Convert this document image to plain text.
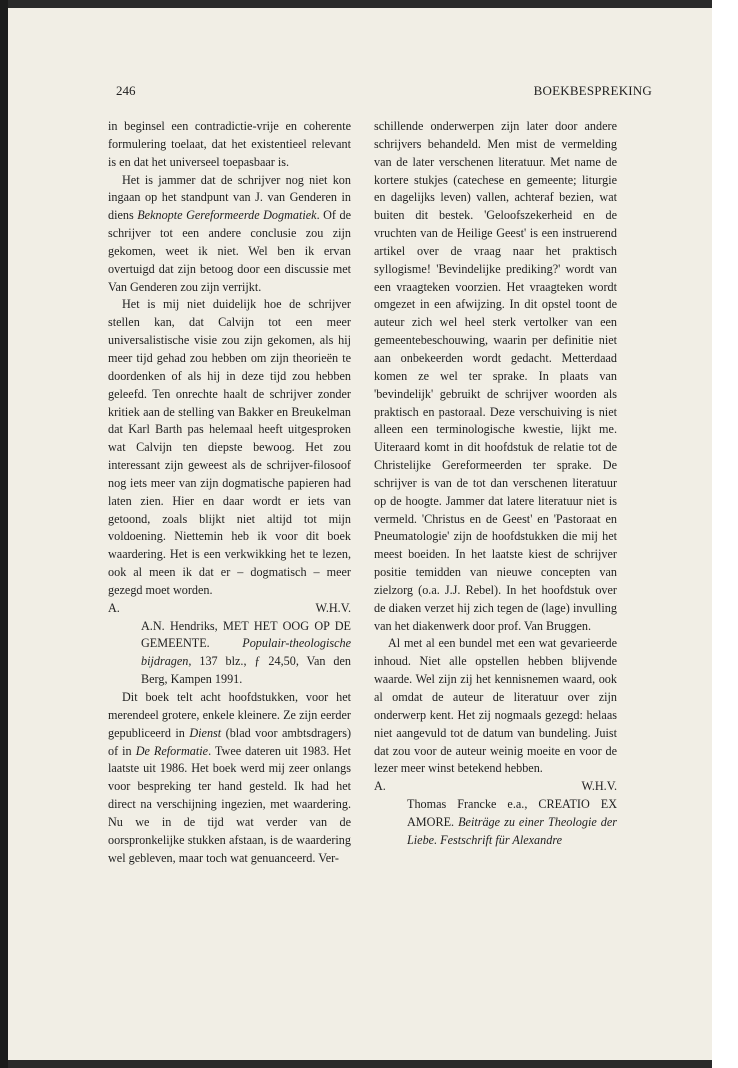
246	BOEKBESPREKING

in beginsel een contradictie-vrije en coherente formulering toelaat, dat het existentieel relevant is en dat het universeel toepasbaar is.

Het is jammer dat de schrijver nog niet kon ingaan op het standpunt van J. van Genderen in diens Beknopte Gereformeerde Dogmatiek. Of de schrijver tot een andere conclusie zou zijn gekomen, weet ik niet. Wel ben ik ervan overtuigd dat zijn betoog door een discussie met Van Genderen zou zijn verrijkt.

Het is mij niet duidelijk hoe de schrijver stellen kan, dat Calvijn tot een meer universalistische visie zou zijn gekomen, als hij meer tijd gehad zou hebben om zijn theorieën te doordenken of als hij in deze tijd zou hebben geleefd. Ten onrechte haalt de schrijver zonder kritiek aan de stelling van Bakker en Breukelman dat Karl Barth pas helemaal heeft uitgesproken wat Calvijn ten diepste bewoog. Het zou interessant zijn geweest als de schrijver-filosoof nog iets meer van zijn dogmatische papieren had laten zien. Hier en daar wordt er iets van getoond, zoals blijkt niet altijd tot mijn voldoening. Niettemin heb ik voor dit boek waardering. Het is een verkwikking het te lezen, ook al meen ik dat er – dogmatisch – meer gezegd moet worden.

A.	W.H.V.

A.N. Hendriks, MET HET OOG OP DE GEMEENTE. Populair-theologische bijdragen, 137 blz., ƒ 24,50, Van den Berg, Kampen 1991.

Dit boek telt acht hoofdstukken, voor het merendeel grotere, enkele kleinere. Ze zijn eerder gepubliceerd in Dienst (blad voor ambtsdragers) of in De Reformatie. Twee dateren uit 1983. Het laatste uit 1986. Het boek werd mij zeer onlangs voor bespreking ter hand gesteld. Ik had het direct na verschijning ingezien, met waardering. Nu we in de tijd wat verder van de oorspronkelijke stukken afstaan, is de waardering wel gebleven, maar toch wat genuanceerd. Ver-

schillende onderwerpen zijn later door andere schrijvers behandeld. Men mist de vermelding van de later verschenen literatuur. Met name de kortere stukjes (catechese en gemeente; liturgie en dagelijks leven) vallen, achteraf bezien, wat buiten dit bestek. 'Geloofszekerheid en de vruchten van de Heilige Geest' is een instruerend artikel over de vraag naar het praktisch syllogisme! 'Bevindelijke prediking?' wordt van een vraagteken voorzien. Het vraagteken wordt omgezet in een afwijzing. In dit opstel toont de auteur zich wel heel sterk vertolker van een gemeentebeschouwing, waarin per definitie niet aan onbekeerden wordt gedacht. Metterdaad komen ze wel ter sprake. In plaats van 'bevindelijk' gebruikt de schrijver woorden als praktisch en pastoraal. Deze verschuiving is niet alleen een terminologische kwestie, lijkt me. Uiteraard komt in dit hoofdstuk de relatie tot de Christelijke Gereformeerden ter sprake. De schrijver is van de tot dan verschenen literatuur op de hoogte. Jammer dat latere literatuur niet is vermeld. 'Christus en de Geest' en 'Pastoraat en Pneumatologie' zijn de hoofdstukken die mij het meest boeiden. In het laatste kiest de schrijver positie temidden van nieuwe concepten van zielzorg (o.a. J.J. Rebel). In het hoofdstuk over de diaken verzet hij zich tegen de (lage) invulling van het diakenwerk door prof. Van Bruggen.

Al met al een bundel met een wat gevarieerde inhoud. Niet alle opstellen hebben blijvende waarde. Wel zijn zij het kennisnemen waard, ook al omdat de auteur de literatuur over zijn onderwerp kent. Het zij nogmaals gezegd: helaas niet aangevuld tot de datum van bundeling. Juist dat zou voor de auteur weinig moeite en voor de lezer meer winst betekend hebben.

A.	W.H.V.

Thomas Francke e.a., CREATIO EX AMORE. Beiträge zu einer Theologie der Liebe. Festschrift für Alexandre
